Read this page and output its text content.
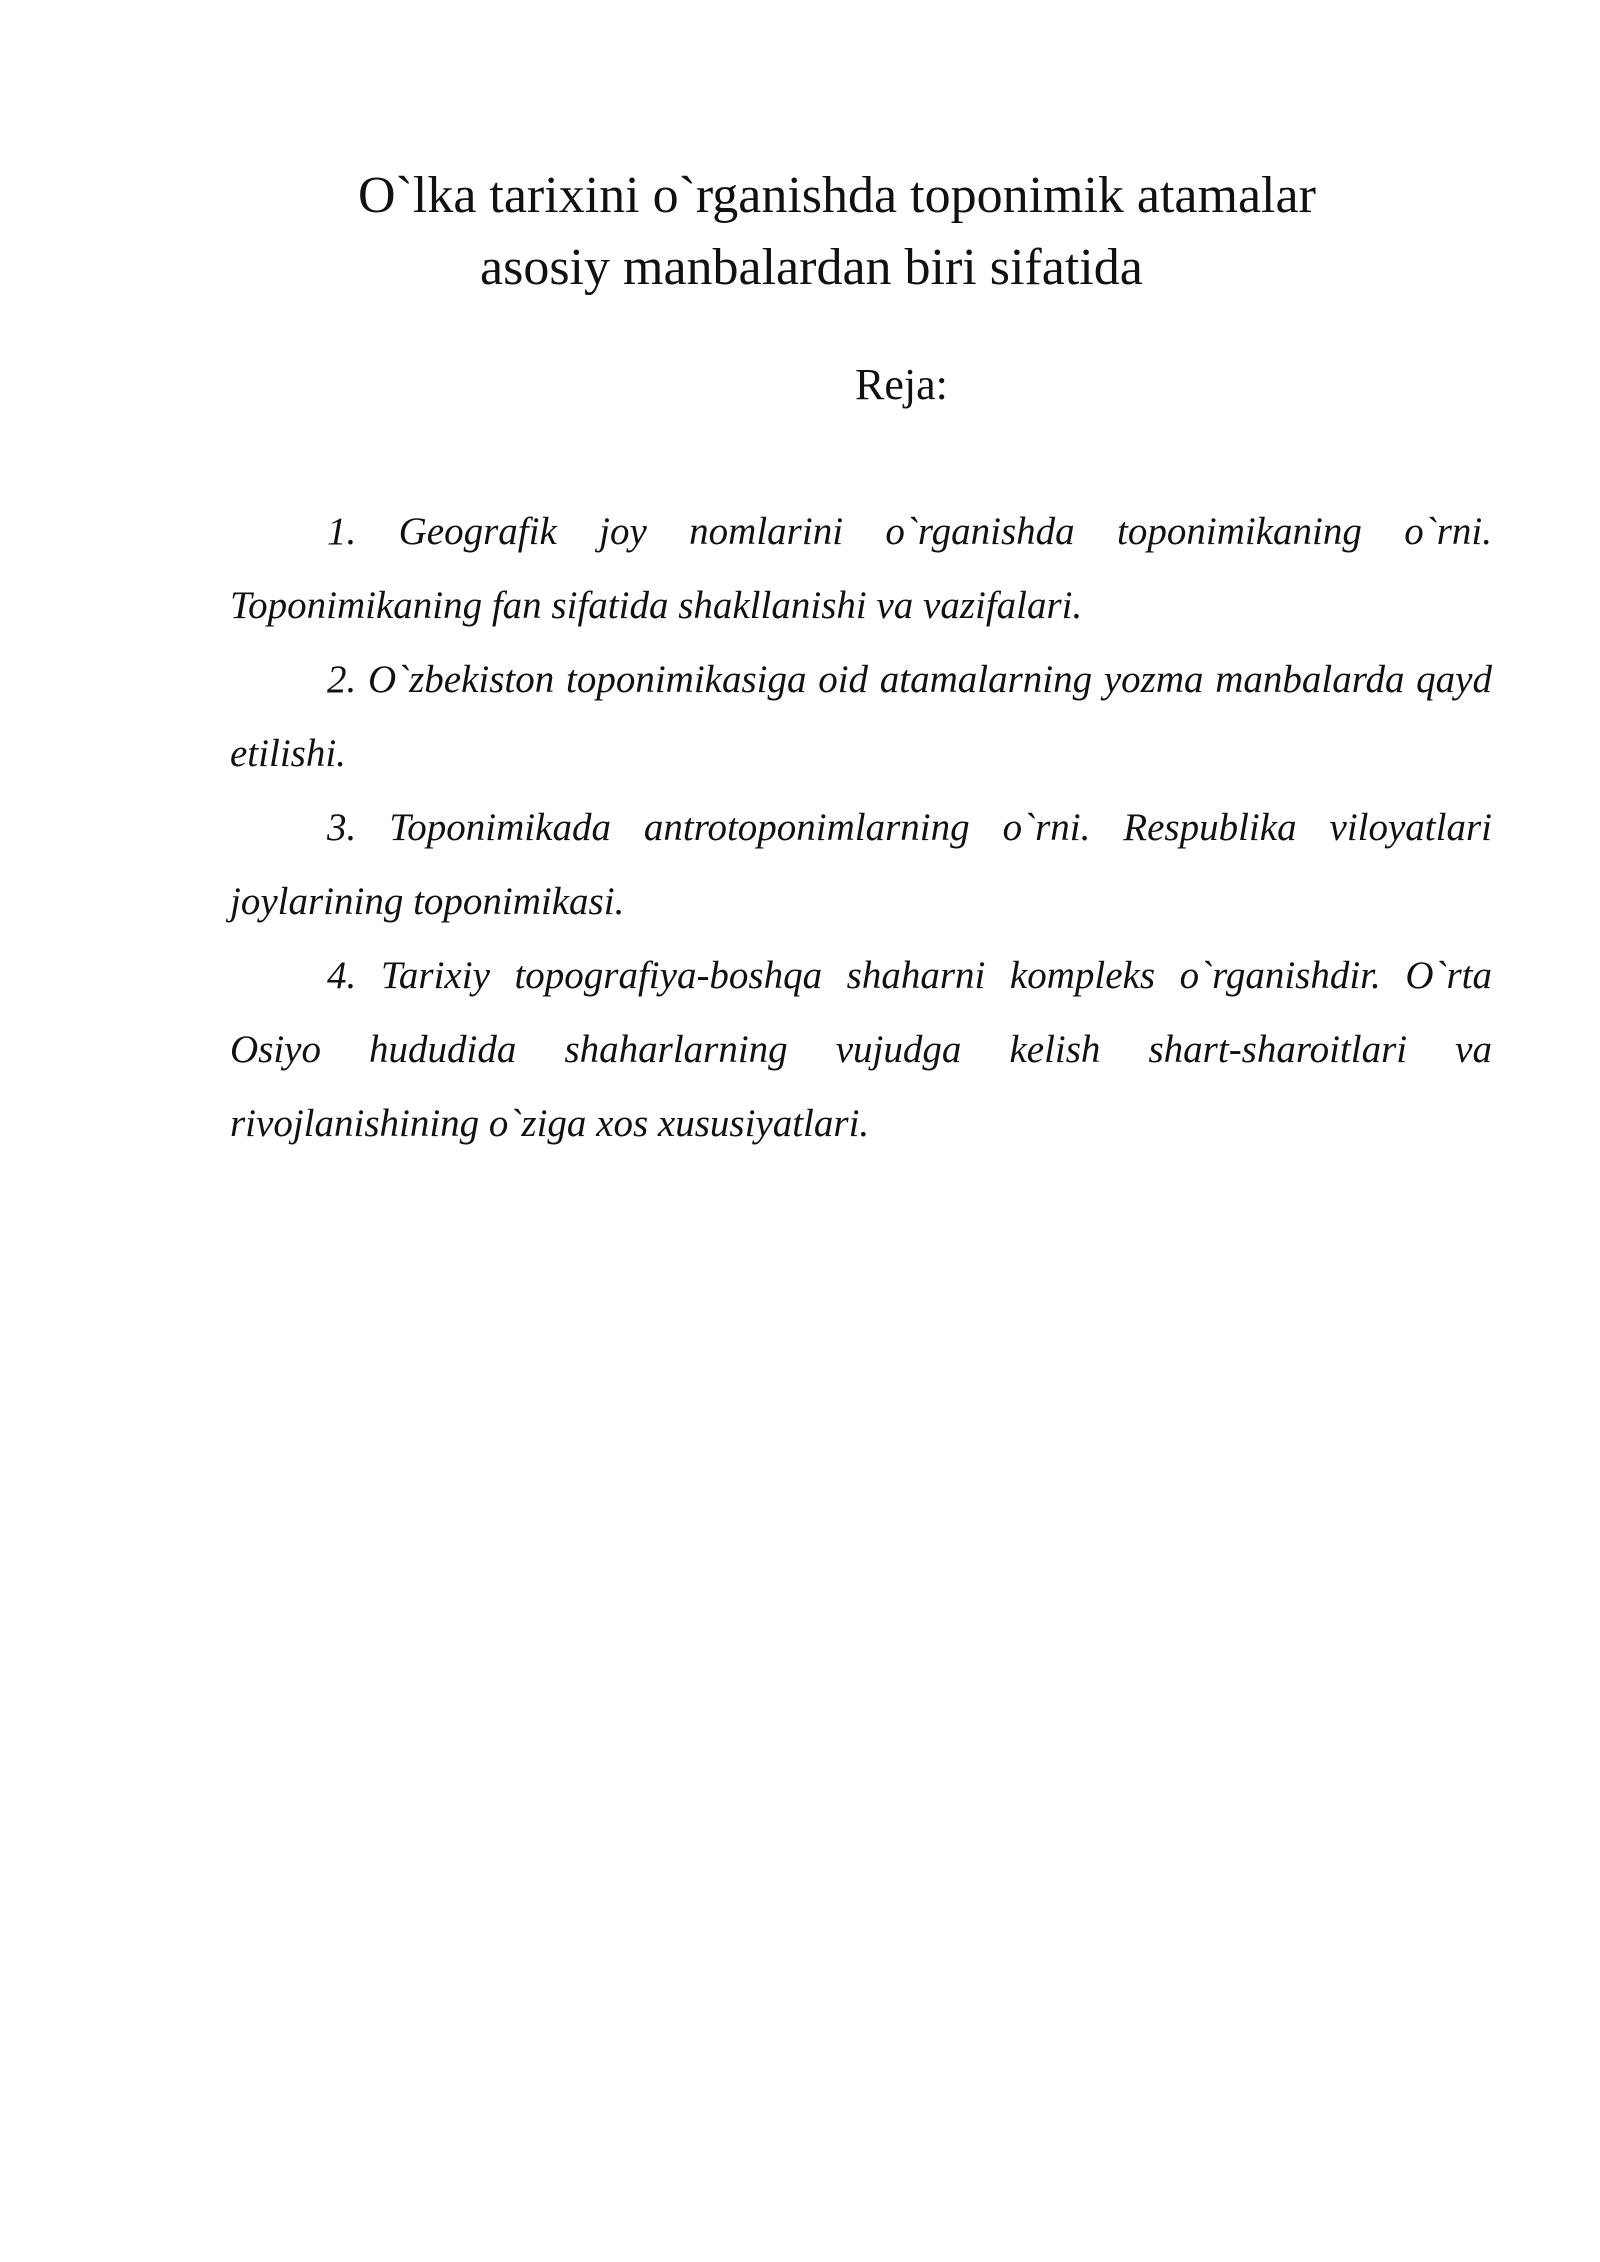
O`lka tarixini o`rganishda toponimik atamalar
asosiy manbalardan biri sifatida
Reja:
1. Geografik joy nomlarini o`rganishda toponimikaning o`rni. Toponimikaning fan sifatida shakllanishi va vazifalari.
2. O`zbekiston toponimikasiga oid atamalarning yozma manbalarda qayd etilishi.
3. Toponimikada antrotoponimlarning o`rni. Respublika viloyatlari joylarining toponimikasi.
4. Tarixiy topografiya-boshqa shaharni kompleks o`rganishdir. O`rta Osiyo hududida shaharlarning vujudga kelish shart-sharoitlari va rivojlanishining o`ziga xos xususiyatlari.
